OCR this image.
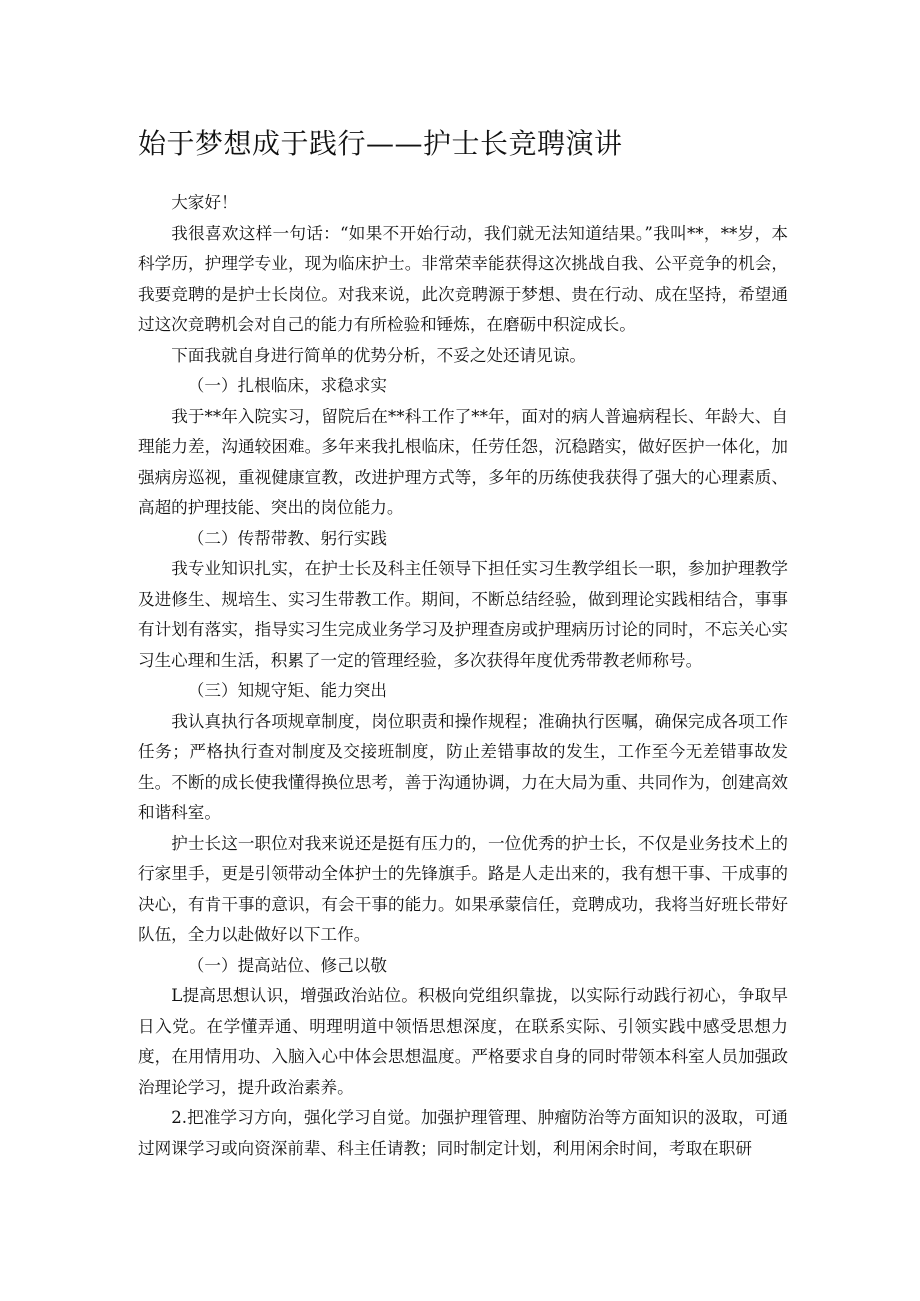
始于梦想成于践行——护士长竞聘演讲

大家好！

我很喜欢这样一句话：“如果不开始行动，我们就无法知道结果。”我叫**，**岁，本科学历，护理学专业，现为临床护士。非常荣幸能获得这次挑战自我、公平竞争的机会，我要竞聘的是护士长岗位。对我来说，此次竞聘源于梦想、贵在行动、成在坚持，希望通过这次竞聘机会对自己的能力有所检验和锤炼，在磨砺中积淀成长。

下面我就自身进行简单的优势分析，不妥之处还请见谅。

（一）扎根临床，求稳求实

我于**年入院实习，留院后在**科工作了**年，面对的病人普遍病程长、年龄大、自理能力差，沟通较困难。多年来我扎根临床，任劳任怨，沉稳踏实，做好医护一体化，加强病房巡视，重视健康宣教，改进护理方式等，多年的历练使我获得了强大的心理素质、高超的护理技能、突出的岗位能力。

（二）传帮带教、躬行实践

我专业知识扎实，在护士长及科主任领导下担任实习生教学组长一职，参加护理教学及进修生、规培生、实习生带教工作。期间，不断总结经验，做到理论实践相结合，事事有计划有落实，指导实习生完成业务学习及护理查房或护理病历讨论的同时，不忘关心实习生心理和生活，积累了一定的管理经验，多次获得年度优秀带教老师称号。

（三）知规守矩、能力突出

我认真执行各项规章制度，岗位职责和操作规程；准确执行医嘱，确保完成各项工作任务；严格执行查对制度及交接班制度，防止差错事故的发生，工作至今无差错事故发生。不断的成长使我懂得换位思考，善于沟通协调，力在大局为重、共同作为，创建高效和谐科室。

护士长这一职位对我来说还是挺有压力的，一位优秀的护士长，不仅是业务技术上的行家里手，更是引领带动全体护士的先锋旗手。路是人走出来的，我有想干事、干成事的决心，有肯干事的意识，有会干事的能力。如果承蒙信任，竞聘成功，我将当好班长带好队伍，全力以赴做好以下工作。

（一）提高站位、修己以敬

L提高思想认识，增强政治站位。积极向党组织靠拢，以实际行动践行初心，争取早日入党。在学懂弄通、明理明道中领悟思想深度，在联系实际、引领实践中感受思想力度，在用情用功、入脑入心中体会思想温度。严格要求自身的同时带领本科室人员加强政治理论学习，提升政治素养。

2.把准学习方向，强化学习自觉。加强护理管理、肿瘤防治等方面知识的汲取，可通过网课学习或向资深前辈、科主任请教；同时制定计划，利用闲余时间，考取在职研
